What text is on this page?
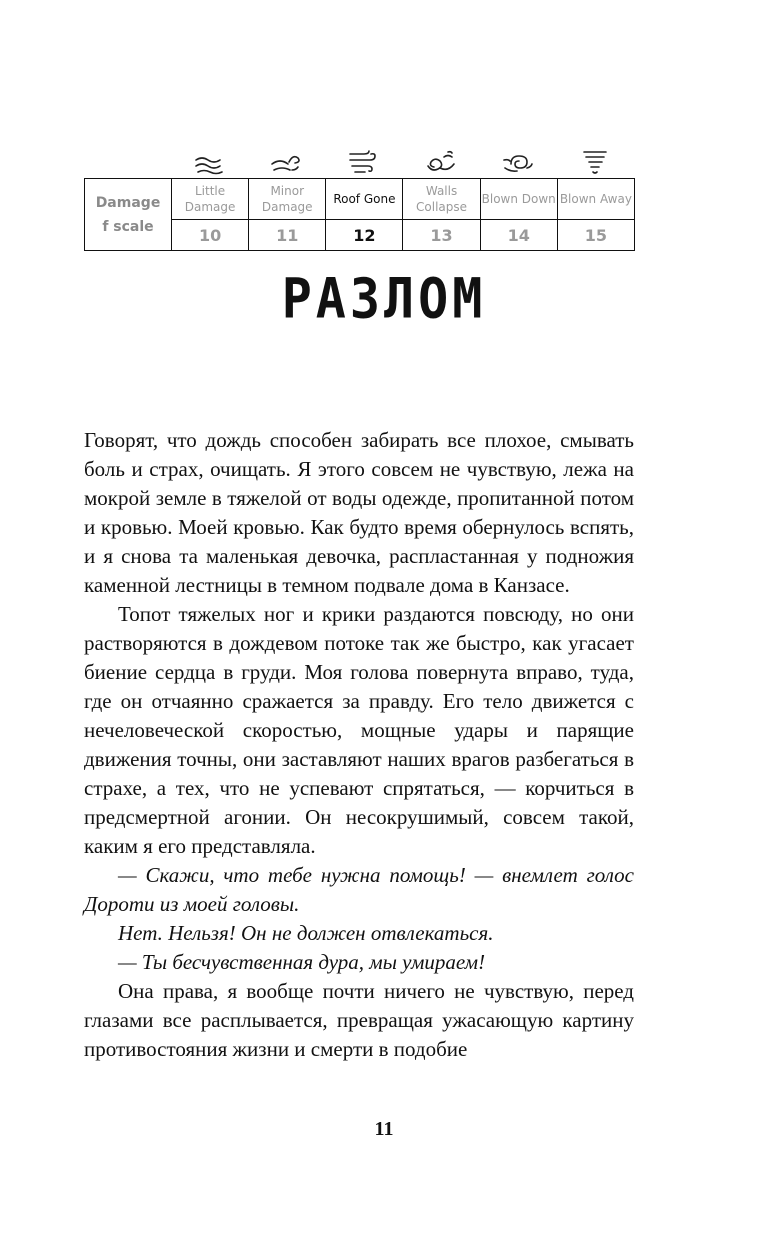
Damage
f scale	Little Damage	Minor Damage	Roof Gone	Walls Collapse	Blown Down	Blown Away
	10	11	12	13	14	15
РАЗЛОМ

Говорят, что дождь способен забирать все плохое, смывать боль и страх, очищать. Я этого совсем не чувствую, лежа на мокрой земле в тяжелой от воды одежде, пропитанной потом и кровью. Моей кровью. Как будто время обернулось вспять, и я снова та маленькая девочка, распластанная у подножия каменной лестницы в темном подвале дома в Канзасе.

Топот тяжелых ног и крики раздаются повсюду, но они растворяются в дождевом потоке так же быстро, как угасает биение сердца в груди. Моя голова повернута вправо, туда, где он отчаянно сражается за правду. Его тело движется с нечеловеческой скоростью, мощные удары и парящие движения точны, они заставляют наших врагов разбегаться в страхе, а тех, что не успевают спрятаться, — корчиться в предсмертной агонии. Он несокрушимый, совсем такой, каким я его представляла.

— Скажи, что тебе нужна помощь! — внемлет голос Дороти из моей головы.

Нет. Нельзя! Он не должен отвлекаться.

— Ты бесчувственная дура, мы умираем!

Она права, я вообще почти ничего не чувствую, перед глазами все расплывается, превращая ужасающую картину противостояния жизни и смерти в подобие

11
